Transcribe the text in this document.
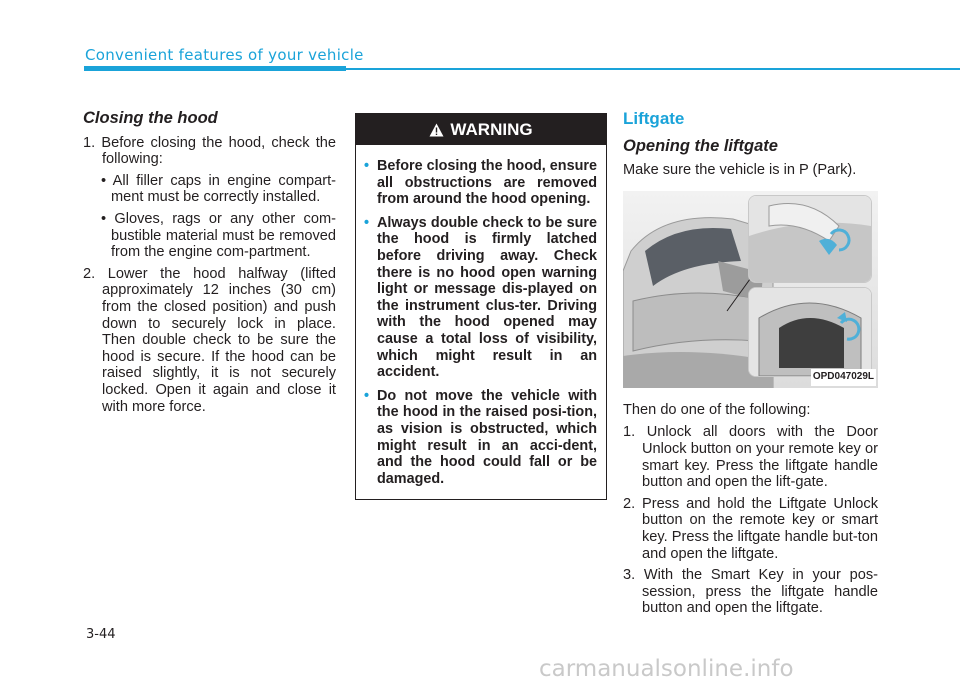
Convenient features of your vehicle
Closing the hood
1. Before closing the hood, check the following:
• All filler caps in engine compart-ment must be correctly installed.
• Gloves, rags or any other com-bustible material must be removed from the engine com-partment.
2. Lower the hood halfway (lifted approximately 12 inches (30 cm) from the closed position) and push down to securely lock in place. Then double check to be sure the hood is secure. If the hood can be raised slightly, it is not securely locked. Open it again and close it with more force.
WARNING
• Before closing the hood, ensure all obstructions are removed from around the hood opening.
• Always double check to be sure the hood is firmly latched before driving away. Check there is no hood open warning light or message dis-played on the instrument clus-ter. Driving with the hood opened may cause a total loss of visibility, which might result in an accident.
• Do not move the vehicle with the hood in the raised posi-tion, as vision is obstructed, which might result in an acci-dent, and the hood could fall or be damaged.
Liftgate
Opening the liftgate

Make sure the vehicle is in P (Park).

OPD047029L

Then do one of the following:

1. Unlock all doors with the Door Unlock button on your remote key or smart key. Press the liftgate handle button and open the lift-gate.
2. Press and hold the Liftgate Unlock button on the remote key or smart key. Press the liftgate handle but-ton and open the liftgate.
3. With the Smart Key in your pos-session, press the liftgate handle button and open the liftgate.
3-44
carmanualsonline.info
